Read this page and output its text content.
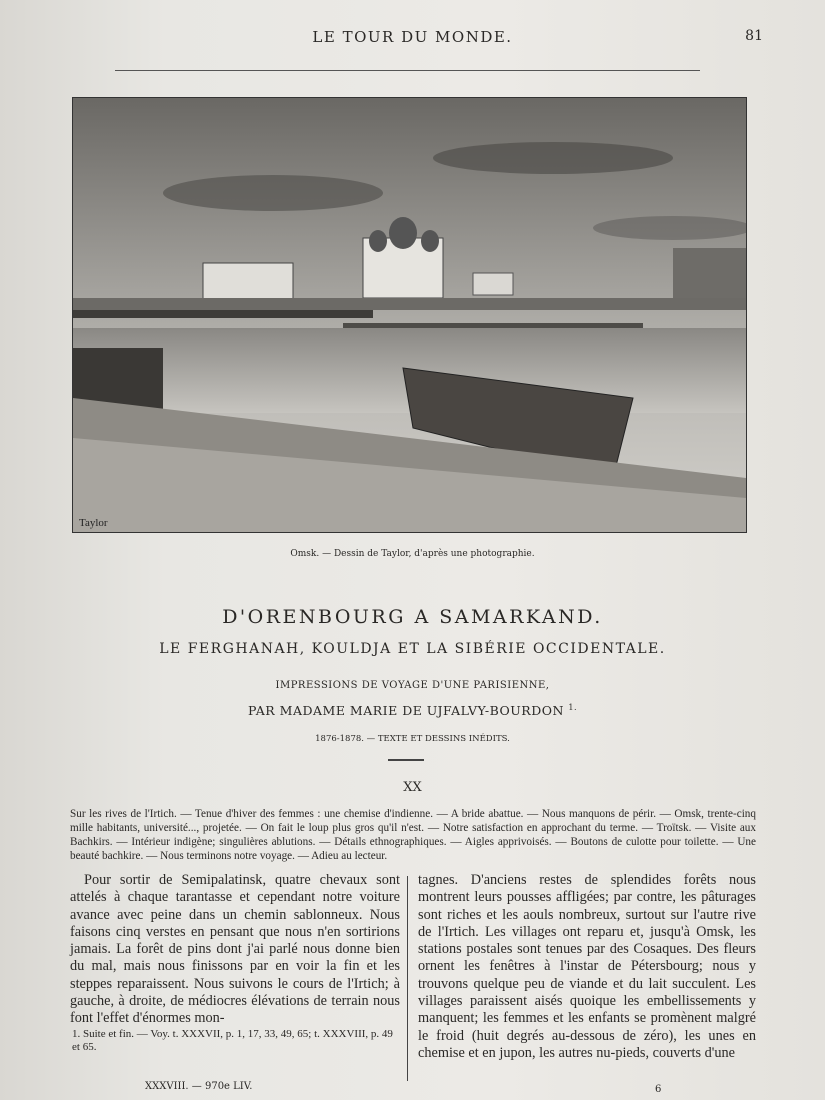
LE TOUR DU MONDE.	81
Taylor
Omsk. — Dessin de Taylor, d'après une photographie.
D'ORENBOURG A SAMARKAND.
LE FERGHANAH, KOULDJA ET LA SIBÉRIE OCCIDENTALE.
IMPRESSIONS DE VOYAGE D'UNE PARISIENNE,
PAR MADAME MARIE DE UJFALVY-BOURDON $^{1.}$
1876-1878. — TEXTE ET DESSINS INÉDITS.
XX
Sur les rives de l'Irtich. — Tenue d'hiver des femmes : une chemise d'indienne. — A bride abattue. — Nous manquons de périr. — Omsk, trente-cinq mille habitants, université..., projetée. — On fait le loup plus gros qu'il n'est. — Notre satisfaction en approchant du terme. — Troïtsk. — Visite aux Bachkirs. — Intérieur indigène; singulières ablutions. — Détails ethnographiques. — Aigles apprivoisés. — Boutons de culotte pour toilette. — Une beauté bachkire. — Nous terminons notre voyage. — Adieu au lecteur.
Pour sortir de Semipalatinsk, quatre chevaux sont attelés à chaque tarantasse et cependant notre voiture avance avec peine dans un chemin sablonneux. Nous faisons cinq verstes en pensant que nous n'en sortirions jamais. La forêt de pins dont j'ai parlé nous donne bien du mal, mais nous finissons par en voir la fin et les steppes reparaissent. Nous suivons le cours de l'Irtich; à gauche, à droite, de médiocres élévations de terrain nous font l'effet d'énormes mon-
tagnes. D'anciens restes de splendides forêts nous montrent leurs pousses affligées; par contre, les pâturages sont riches et les aouls nombreux, surtout sur l'autre rive de l'Irtich. Les villages ont reparu et, jusqu'à Omsk, les stations postales sont tenues par des Cosaques. Des fleurs ornent les fenêtres à l'instar de Pétersbourg; nous y trouvons quelque peu de viande et du lait succulent. Les villages paraissent aisés quoique les embellissements y manquent; les femmes et les enfants se promènent malgré le froid (huit degrés au-dessous de zéro), les unes en chemise et en jupon, les autres nu-pieds, couverts d'une
1. Suite et fin. — Voy. t. XXXVII, p. 1, 17, 33, 49, 65; t. XXXVIII, p. 49 et 65.
XXXVIII. — 970e LIV.	6
